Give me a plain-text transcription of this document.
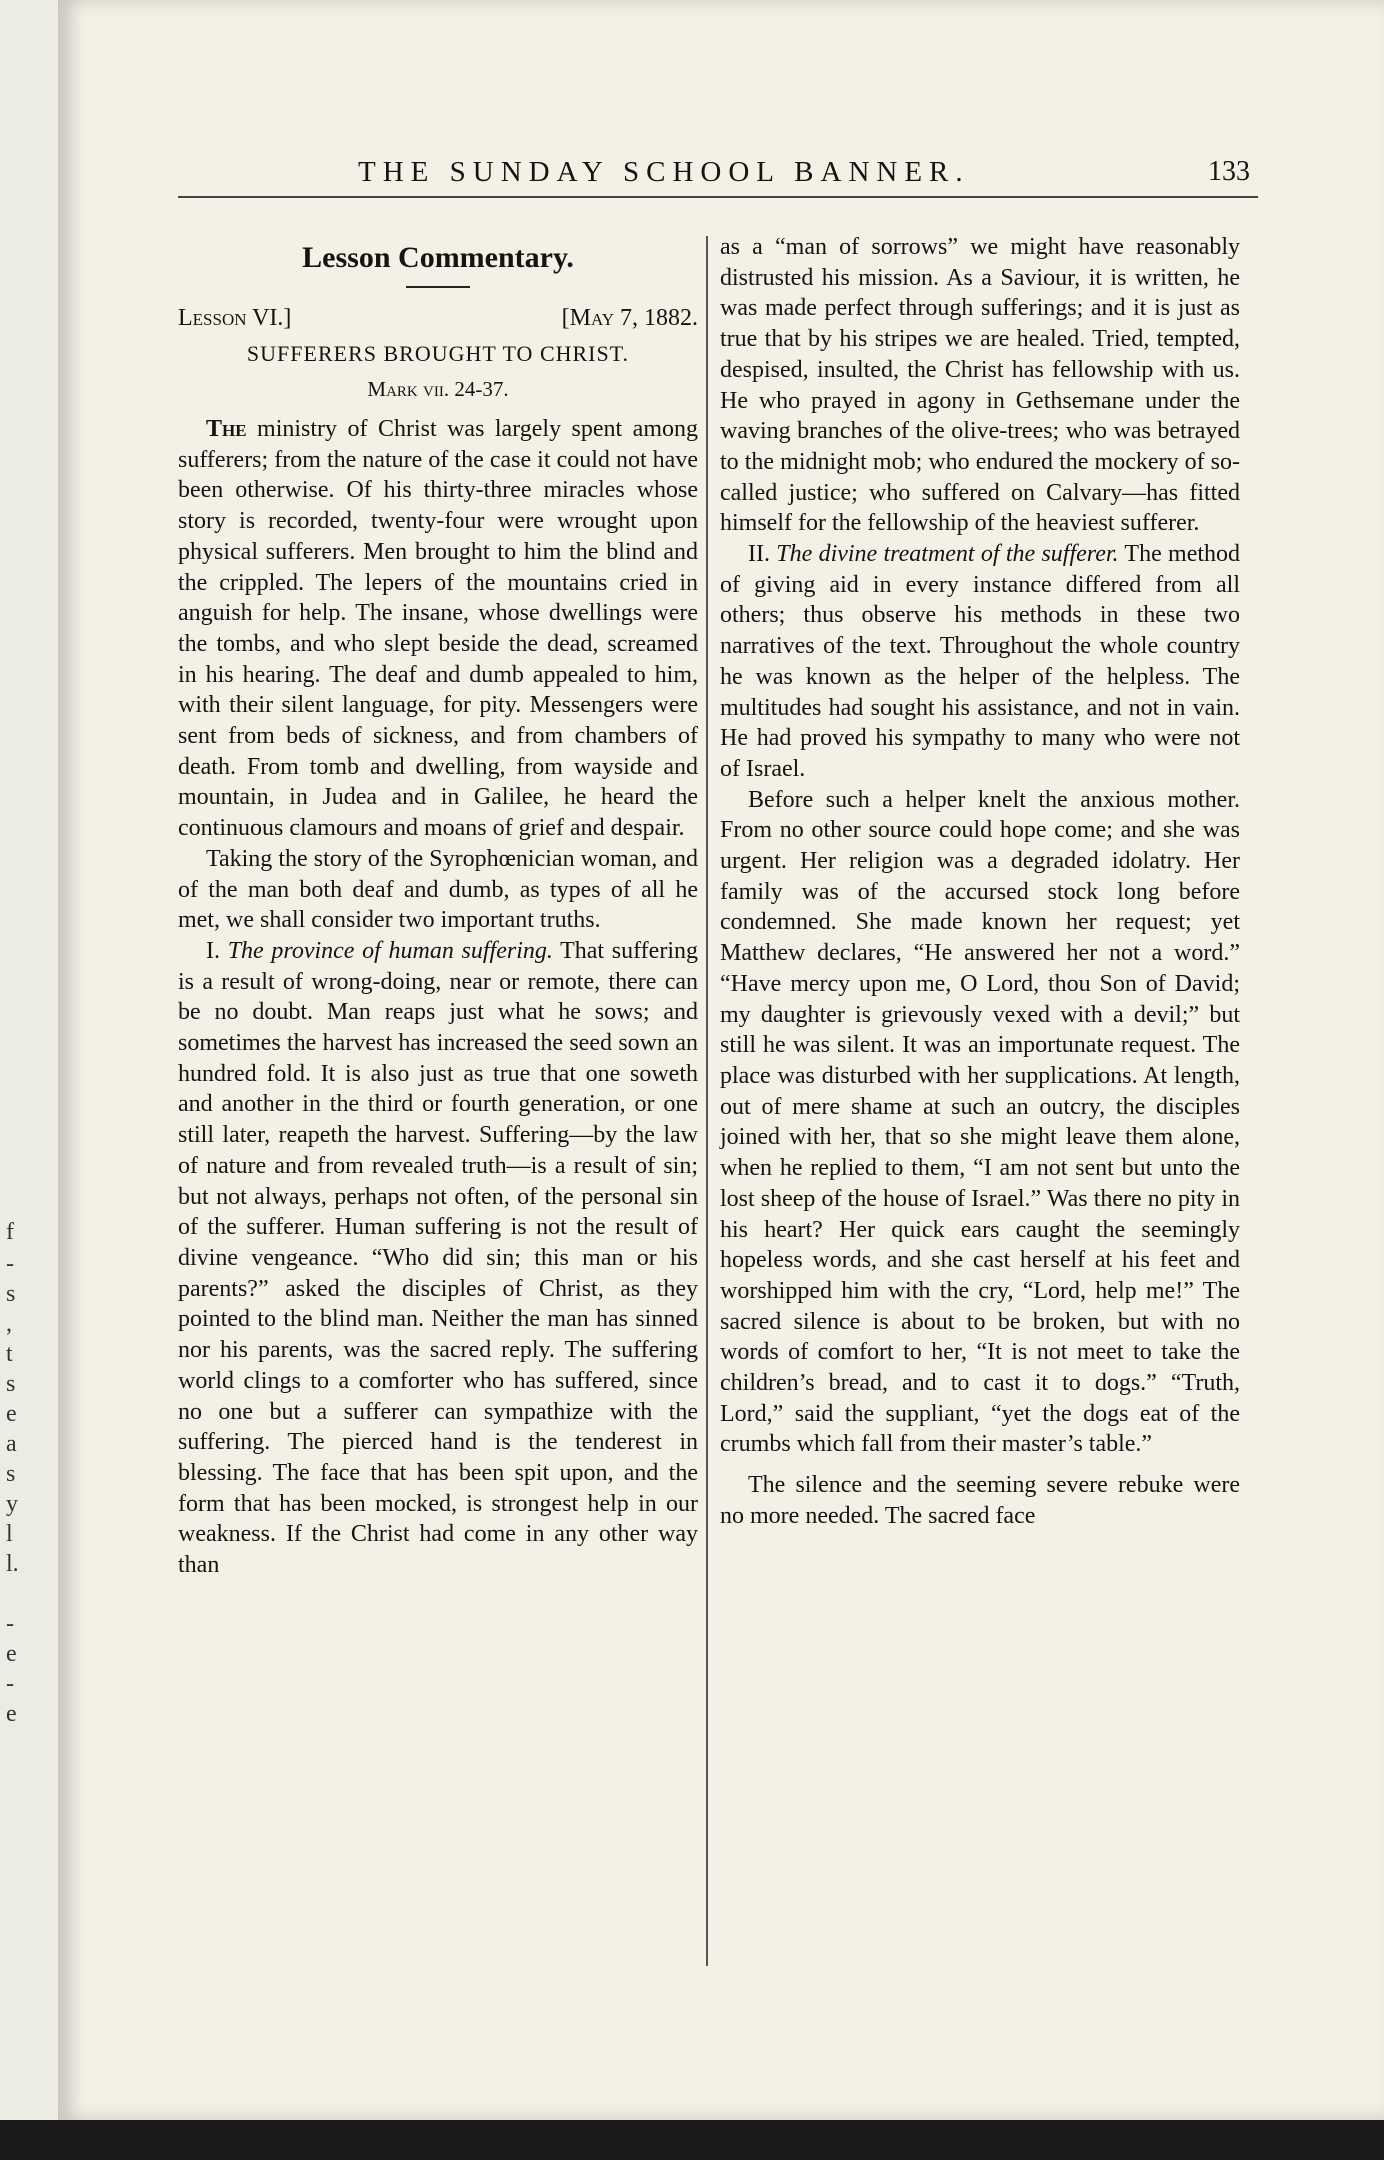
f
-
s
,
t
s
e
a
s
y
l
l.
-
e
-
e
THE SUNDAY SCHOOL BANNER.	133
Lesson Commentary.
Lesson VI.]	[May 7, 1882.
SUFFERERS BROUGHT TO CHRIST.
Mark vii. 24-37.

The ministry of Christ was largely spent among sufferers; from the nature of the case it could not have been otherwise. Of his thirty-three miracles whose story is recorded, twenty-four were wrought upon physical sufferers. Men brought to him the blind and the crippled. The lepers of the mountains cried in anguish for help. The insane, whose dwellings were the tombs, and who slept beside the dead, screamed in his hearing. The deaf and dumb appealed to him, with their silent language, for pity. Messengers were sent from beds of sickness, and from chambers of death. From tomb and dwelling, from wayside and mountain, in Judea and in Galilee, he heard the continuous clamours and moans of grief and despair.

Taking the story of the Syrophœnician woman, and of the man both deaf and dumb, as types of all he met, we shall consider two important truths.

I. The province of human suffering. That suffering is a result of wrong-doing, near or remote, there can be no doubt. Man reaps just what he sows; and sometimes the harvest has increased the seed sown an hundred fold. It is also just as true that one soweth and another in the third or fourth generation, or one still later, reapeth the harvest. Suffering—by the law of nature and from revealed truth—is a result of sin; but not always, perhaps not often, of the personal sin of the sufferer. Human suffering is not the result of divine vengeance. “Who did sin; this man or his parents?” asked the disciples of Christ, as they pointed to the blind man. Neither the man has sinned nor his parents, was the sacred reply. The suffering world clings to a comforter who has suffered, since no one but a sufferer can sympathize with the suffering. The pierced hand is the tenderest in blessing. The face that has been spit upon, and the form that has been mocked, is strongest help in our weakness. If the Christ had come in any other way than

as a “man of sorrows” we might have reasonably distrusted his mission. As a Saviour, it is written, he was made perfect through sufferings; and it is just as true that by his stripes we are healed. Tried, tempted, despised, insulted, the Christ has fellowship with us. He who prayed in agony in Gethsemane under the waving branches of the olive-trees; who was betrayed to the midnight mob; who endured the mockery of so-called justice; who suffered on Calvary—has fitted himself for the fellowship of the heaviest sufferer.

II. The divine treatment of the sufferer. The method of giving aid in every instance differed from all others; thus observe his methods in these two narratives of the text. Throughout the whole country he was known as the helper of the helpless. The multitudes had sought his assistance, and not in vain. He had proved his sympathy to many who were not of Israel.

Before such a helper knelt the anxious mother. From no other source could hope come; and she was urgent. Her religion was a degraded idolatry. Her family was of the accursed stock long before condemned. She made known her request; yet Matthew declares, “He answered her not a word.” “Have mercy upon me, O Lord, thou Son of David; my daughter is grievously vexed with a devil;” but still he was silent. It was an importunate request. The place was disturbed with her supplications. At length, out of mere shame at such an outcry, the disciples joined with her, that so she might leave them alone, when he replied to them, “I am not sent but unto the lost sheep of the house of Israel.” Was there no pity in his heart? Her quick ears caught the seemingly hopeless words, and she cast herself at his feet and worshipped him with the cry, “Lord, help me!” The sacred silence is about to be broken, but with no words of comfort to her, “It is not meet to take the children’s bread, and to cast it to dogs.” “Truth, Lord,” said the suppliant, “yet the dogs eat of the crumbs which fall from their master’s table.”

The silence and the seeming severe rebuke were no more needed. The sacred face
